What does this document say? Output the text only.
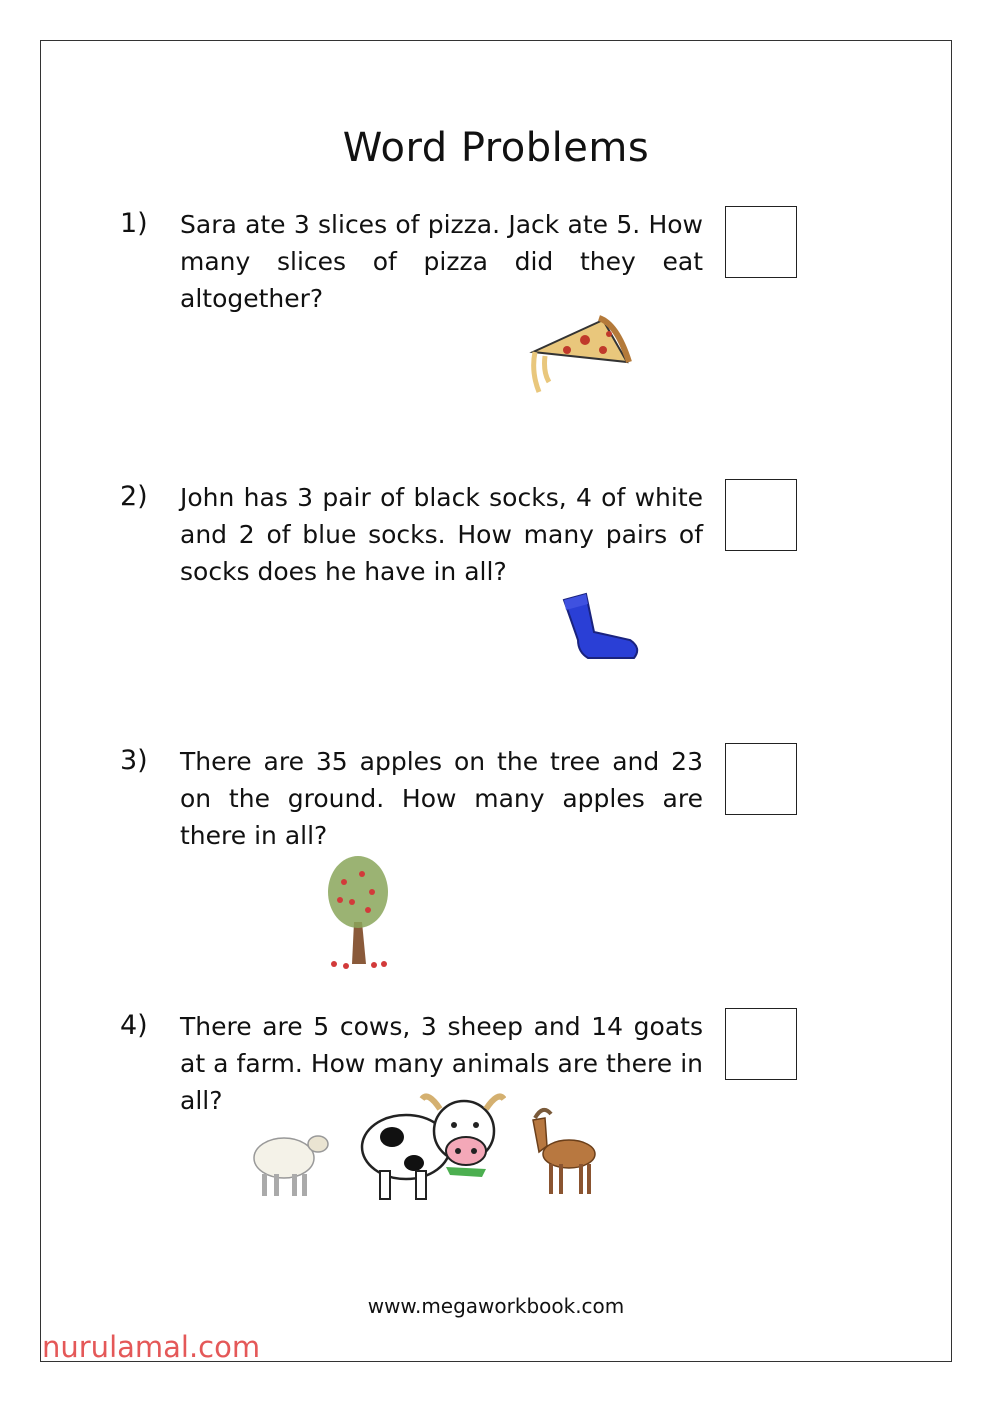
Word Problems
1) Sara ate 3 slices of pizza. Jack ate 5. How many slices of pizza did they eat altogether?
2) John has 3 pair of black socks, 4 of white and 2 of blue socks. How many pairs of socks does he have in all?
3) There are 35 apples on the tree and 23 on the ground. How many apples are there in all?
4) There are 5 cows, 3 sheep and 14 goats at a farm. How many animals are there in all?
www.megaworkbook.com
nurulamal.com
